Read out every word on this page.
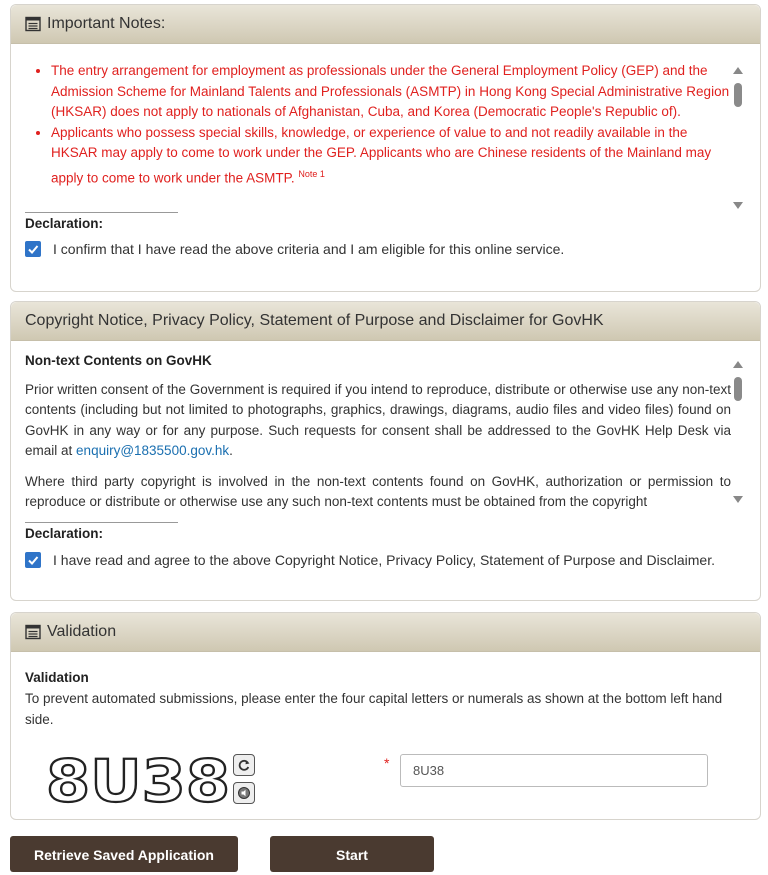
Important Notes:
• The entry arrangement for employment as professionals under the General Employment Policy (GEP) and the Admission Scheme for Mainland Talents and Professionals (ASMTP) in Hong Kong Special Administrative Region (HKSAR) does not apply to nationals of Afghanistan, Cuba, and Korea (Democratic People's Republic of).
• Applicants who possess special skills, knowledge, or experience of value to and not readily available in the HKSAR may apply to come to work under the GEP. Applicants who are Chinese residents of the Mainland may apply to come to work under the ASMTP. $^{Note 1}$
Declaration:
I confirm that I have read the above criteria and I am eligible for this online service.
Copyright Notice, Privacy Policy, Statement of Purpose and Disclaimer for GovHK
Non-text Contents on GovHK

Prior written consent of the Government is required if you intend to reproduce, distribute or otherwise use any non-text contents (including but not limited to photographs, graphics, drawings, diagrams, audio files and video files) found on GovHK in any way or for any purpose. Such requests for consent shall be addressed to the GovHK Help Desk via email at enquiry@1835500.gov.hk.

Where third party copyright is involved in the non-text contents found on GovHK, authorization or permission to reproduce or distribute or otherwise use any such non-text contents must be obtained from the copyright

Declaration:
I have read and agree to the above Copyright Notice, Privacy Policy, Statement of Purpose and Disclaimer.
Validation
Validation
To prevent automated submissions, please enter the four capital letters or numerals as shown at the bottom left hand side.
8U38	*
8U38
Retrieve Saved Application	Start
